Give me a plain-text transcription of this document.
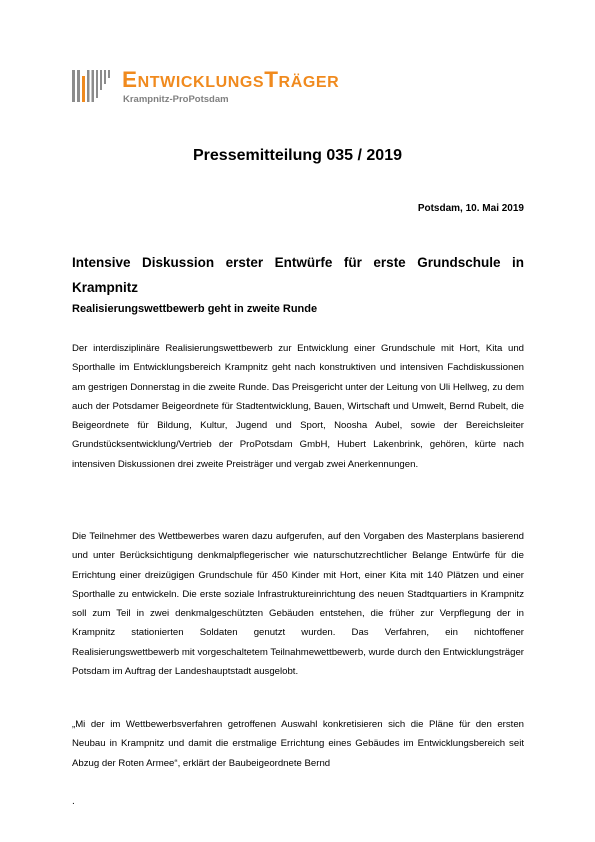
EntwicklungsTräger
Krampnitz-ProPotsdam
Pressemitteilung 035 / 2019
Potsdam, 10. Mai 2019
Intensive Diskussion erster Entwürfe für erste Grundschule in Krampnitz
Realisierungswettbewerb geht in zweite Runde

Der interdisziplinäre Realisierungswettbewerb zur Entwicklung einer Grundschule mit Hort, Kita und Sporthalle im Entwicklungsbereich Krampnitz geht nach konstruktiven und intensiven Fachdiskussionen am gestrigen Donnerstag in die zweite Runde. Das Preisgericht unter der Leitung von Uli Hellweg, zu dem auch der Potsdamer Beigeordnete für Stadtentwicklung, Bauen, Wirtschaft und Umwelt, Bernd Rubelt, die Beigeordnete für Bildung, Kultur, Jugend und Sport, Noosha Aubel, sowie der Bereichsleiter Grundstücksentwicklung/Vertrieb der ProPotsdam GmbH, Hubert Lakenbrink, gehören, kürte nach intensiven Diskussionen drei zweite Preisträger und vergab zwei Anerkennungen.

Die Teilnehmer des Wettbewerbes waren dazu aufgerufen, auf den Vorgaben des Masterplans basierend und unter Berücksichtigung denkmalpflegerischer wie naturschutzrechtlicher Belange Entwürfe für die Errichtung einer dreizügigen Grundschule für 450 Kinder mit Hort, einer Kita mit 140 Plätzen und einer Sporthalle zu entwickeln. Die erste soziale Infrastruktureinrichtung des neuen Stadtquartiers in Krampnitz soll zum Teil in zwei denkmalgeschützten Gebäuden entstehen, die früher zur Verpflegung der in Krampnitz stationierten Soldaten genutzt wurden. Das Verfahren, ein nichtoffener Realisierungswettbewerb mit vorgeschaltetem Teilnahmewettbewerb, wurde durch den Entwicklungsträger Potsdam im Auftrag der Landeshauptstadt ausgelobt.

„Mi der im Wettbewerbsverfahren getroffenen Auswahl konkretisieren sich die Pläne für den ersten Neubau in Krampnitz und damit die erstmalige Errichtung eines Gebäudes im Entwicklungsbereich seit Abzug der Roten Armee“, erklärt der Baubeigeordnete Bernd

.
